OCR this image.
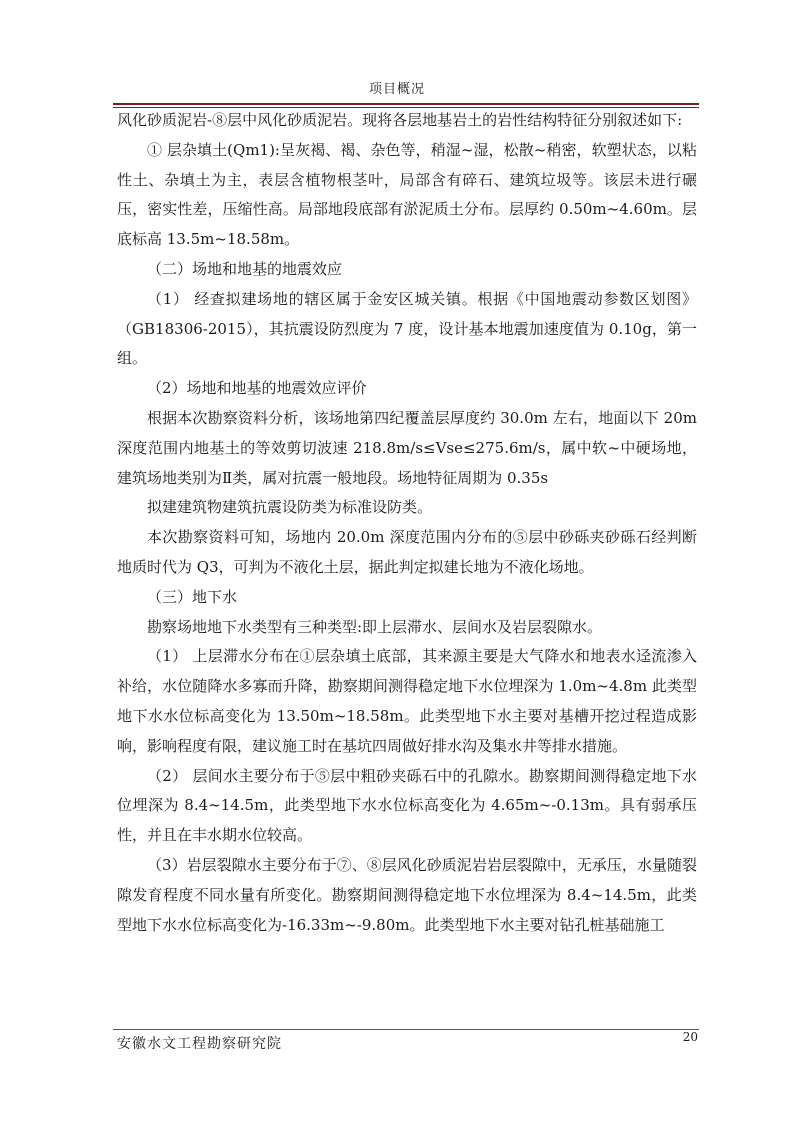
项目概况

风化砂质泥岩-⑧层中风化砂质泥岩。现将各层地基岩土的岩性结构特征分别叙述如下:

① 层杂填土(Qm1):呈灰褐、褐、杂色等，稍湿~湿，松散~稍密，软塑状态，以粘性土、杂填土为主，表层含植物根茎叶，局部含有碎石、建筑垃圾等。该层未进行碾压，密实性差，压缩性高。局部地段底部有淤泥质土分布。层厚约 0.50m~4.60m。层底标高 13.5m~18.58m。

（二）场地和地基的地震效应

（1） 经查拟建场地的辖区属于金安区城关镇。根据《中国地震动参数区划图》（GB18306-2015），其抗震设防烈度为 7 度，设计基本地震加速度值为 0.10g，第一组。

（2）场地和地基的地震效应评价

根据本次勘察资料分析，该场地第四纪覆盖层厚度约 30.0m 左右，地面以下 20m 深度范围内地基土的等效剪切波速 218.8m/s≤Vse≤275.6m/s，属中软~中硬场地，建筑场地类别为Ⅱ类，属对抗震一般地段。场地特征周期为 0.35s

拟建建筑物建筑抗震设防类为标准设防类。

本次勘察资料可知，场地内 20.0m 深度范围内分布的⑤层中砂砾夹砂砾石经判断地质时代为 Q3，可判为不液化土层，据此判定拟建长地为不液化场地。

（三）地下水

勘察场地地下水类型有三种类型:即上层滞水、层间水及岩层裂隙水。

（1） 上层滞水分布在①层杂填土底部，其来源主要是大气降水和地表水迳流渗入补给，水位随降水多寡而升降，勘察期间测得稳定地下水位埋深为 1.0m~4.8m 此类型地下水水位标高变化为 13.50m~18.58m。此类型地下水主要对基槽开挖过程造成影响，影响程度有限，建议施工时在基坑四周做好排水沟及集水井等排水措施。

（2） 层间水主要分布于⑤层中粗砂夹砾石中的孔隙水。勘察期间测得稳定地下水位埋深为 8.4~14.5m，此类型地下水水位标高变化为 4.65m~-0.13m。具有弱承压性，并且在丰水期水位较高。

（3）岩层裂隙水主要分布于⑦、⑧层风化砂质泥岩岩层裂隙中，无承压，水量随裂隙发育程度不同水量有所变化。勘察期间测得稳定地下水位埋深为 8.4~14.5m，此类型地下水水位标高变化为-16.33m~-9.80m。此类型地下水主要对钻孔桩基础施工

安徽水文工程勘察研究院	20
